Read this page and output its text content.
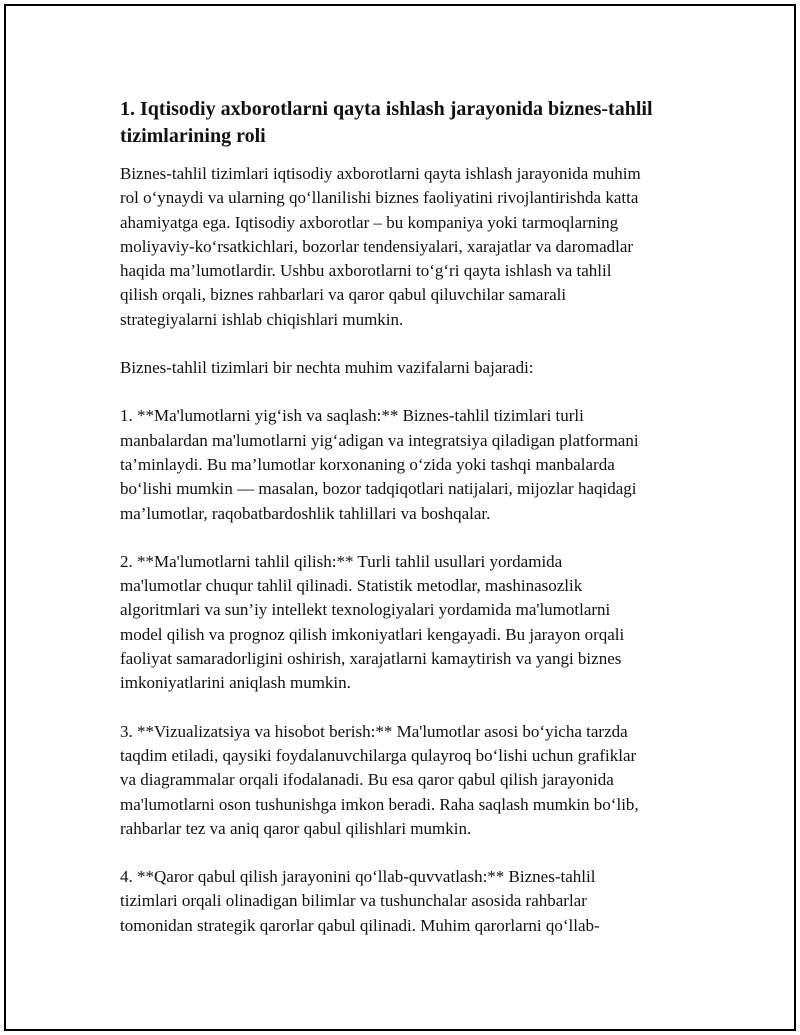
1. Iqtisodiy axborotlarni qayta ishlash jarayonida biznes-tahlil tizimlarining roli
Biznes-tahlil tizimlari iqtisodiy axborotlarni qayta ishlash jarayonida muhim
rol o‘ynaydi va ularning qo‘llanilishi biznes faoliyatini rivojlantirishda katta
ahamiyatga ega. Iqtisodiy axborotlar – bu kompaniya yoki tarmoqlarning
moliyaviy-ko‘rsatkichlari, bozorlar tendensiyalari, xarajatlar va daromadlar
haqida ma’lumotlardir. Ushbu axborotlarni to‘g‘ri qayta ishlash va tahlil
qilish orqali, biznes rahbarlari va qaror qabul qiluvchilar samarali
strategiyalarni ishlab chiqishlari mumkin.
Biznes-tahlil tizimlari bir nechta muhim vazifalarni bajaradi:
1. **Ma'lumotlarni yig‘ish va saqlash:** Biznes-tahlil tizimlari turli
manbalardan ma'lumotlarni yig‘adigan va integratsiya qiladigan platformani
ta’minlaydi. Bu ma’lumotlar korxonaning o‘zida yoki tashqi manbalarda
bo‘lishi mumkin — masalan, bozor tadqiqotlari natijalari, mijozlar haqidagi
ma’lumotlar, raqobatbardoshlik tahlillari va boshqalar.
2. **Ma'lumotlarni tahlil qilish:** Turli tahlil usullari yordamida
ma'lumotlar chuqur tahlil qilinadi. Statistik metodlar, mashinasozlik
algoritmlari va sun’iy intellekt texnologiyalari yordamida ma'lumotlarni
model qilish va prognoz qilish imkoniyatlari kengayadi. Bu jarayon orqali
faoliyat samaradorligini oshirish, xarajatlarni kamaytirish va yangi biznes
imkoniyatlarini aniqlash mumkin.
3. **Vizualizatsiya va hisobot berish:** Ma'lumotlar asosi bo‘yicha tarzda
taqdim etiladi, qaysiki foydalanuvchilarga qulayroq bo‘lishi uchun grafiklar
va diagrammalar orqali ifodalanadi. Bu esa qaror qabul qilish jarayonida
ma'lumotlarni oson tushunishga imkon beradi. Raha saqlash mumkin bo‘lib,
rahbarlar tez va aniq qaror qabul qilishlari mumkin.
4. **Qaror qabul qilish jarayonini qo‘llab-quvvatlash:** Biznes-tahlil
tizimlari orqali olinadigan bilimlar va tushunchalar asosida rahbarlar
tomonidan strategik qarorlar qabul qilinadi. Muhim qarorlarni qo‘llab-
